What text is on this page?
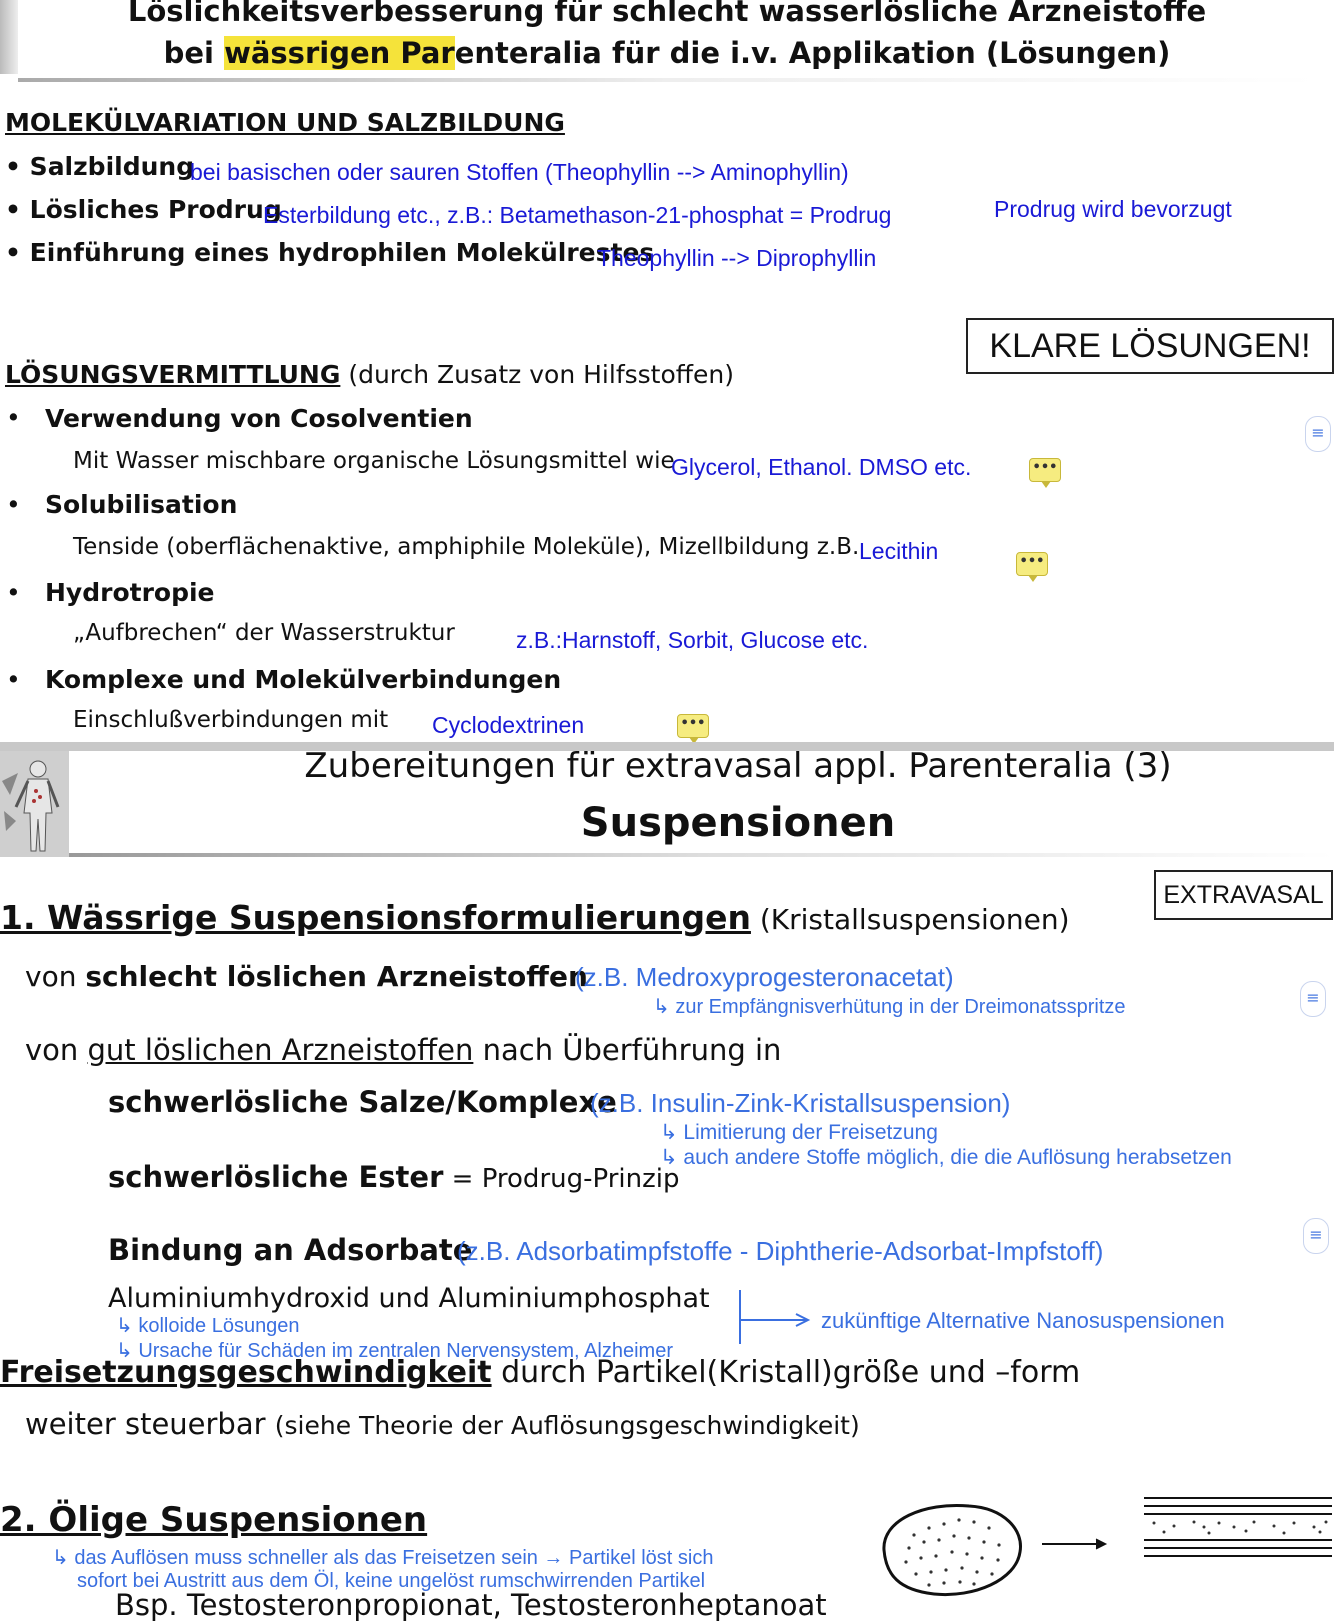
Löslichkeitsverbesserung für schlecht wasserlösliche Arzneistoffe
bei wässrigen Parenteralia für die i.v. Applikation (Lösungen)
MOLEKÜLVARIATION UND SALZBILDUNG
• Salzbildung
bei basischen oder sauren Stoffen (Theophyllin --> Aminophyllin)
• Lösliches Prodrug
Esterbildung etc., z.B.: Betamethason-21-phosphat = Prodrug	Prodrug wird bevorzugt
• Einführung eines hydrophilen Molekülrestes
Theophyllin --> Diprophyllin
KLARE LÖSUNGEN!
LÖSUNGSVERMITTLUNG (durch Zusatz von Hilfsstoffen)
≡
• Verwendung von Cosolventien
Mit Wasser mischbare organische Lösungsmittel wie
Glycerol, Ethanol. DMSO etc.	•••
• Solubilisation
Tenside (oberflächenaktive, amphiphile Moleküle), Mizellbildung z.B. Lecithin	•••
• Hydrotropie
„Aufbrechen“ der Wasserstruktur	z.B.:Harnstoff, Sorbit, Glucose etc.
• Komplexe und Molekülverbindungen
Einschlußverbindungen mit Cyclodextrinen	•••
Zubereitungen für extravasal appl. Parenteralia (3)
Suspensionen
EXTRAVASAL
1. Wässrige Suspensionsformulierungen (Kristallsuspensionen)
von schlecht löslichen Arzneistoffen
(z.B. Medroxyprogesteronacetat)
↳ zur Empfängnisverhütung in der Dreimonatsspritze	≡
von gut löslichen Arzneistoffen nach Überführung in
schwerlösliche Salze/Komplexe
(z.B. Insulin-Zink-Kristallsuspension)
↳ Limitierung der Freisetzung
↳ auch andere Stoffe möglich, die die Auflösung herabsetzen
schwerlösliche Ester = Prodrug-Prinzip
≡
Bindung an Adsorbate
(z.B. Adsorbatimpfstoffe - Diphtherie-Adsorbat-Impfstoff)
Aluminiumhydroxid und Aluminiumphosphat
↳ kolloide Lösungen
↳ Ursache für Schäden im zentralen Nervensystem, Alzheimer
zukünftige Alternative Nanosuspensionen
Freisetzungsgeschwindigkeit durch Partikel(Kristall)größe und –form
weiter steuerbar (siehe Theorie der Auflösungsgeschwindigkeit)
2. Ölige Suspensionen
↳ das Auflösen muss schneller als das Freisetzen sein → Partikel löst sich
sofort bei Austritt aus dem Öl, keine ungelöst rumschwirrenden Partikel
Bsp. Testosteronpropionat, Testosteronheptanoat
